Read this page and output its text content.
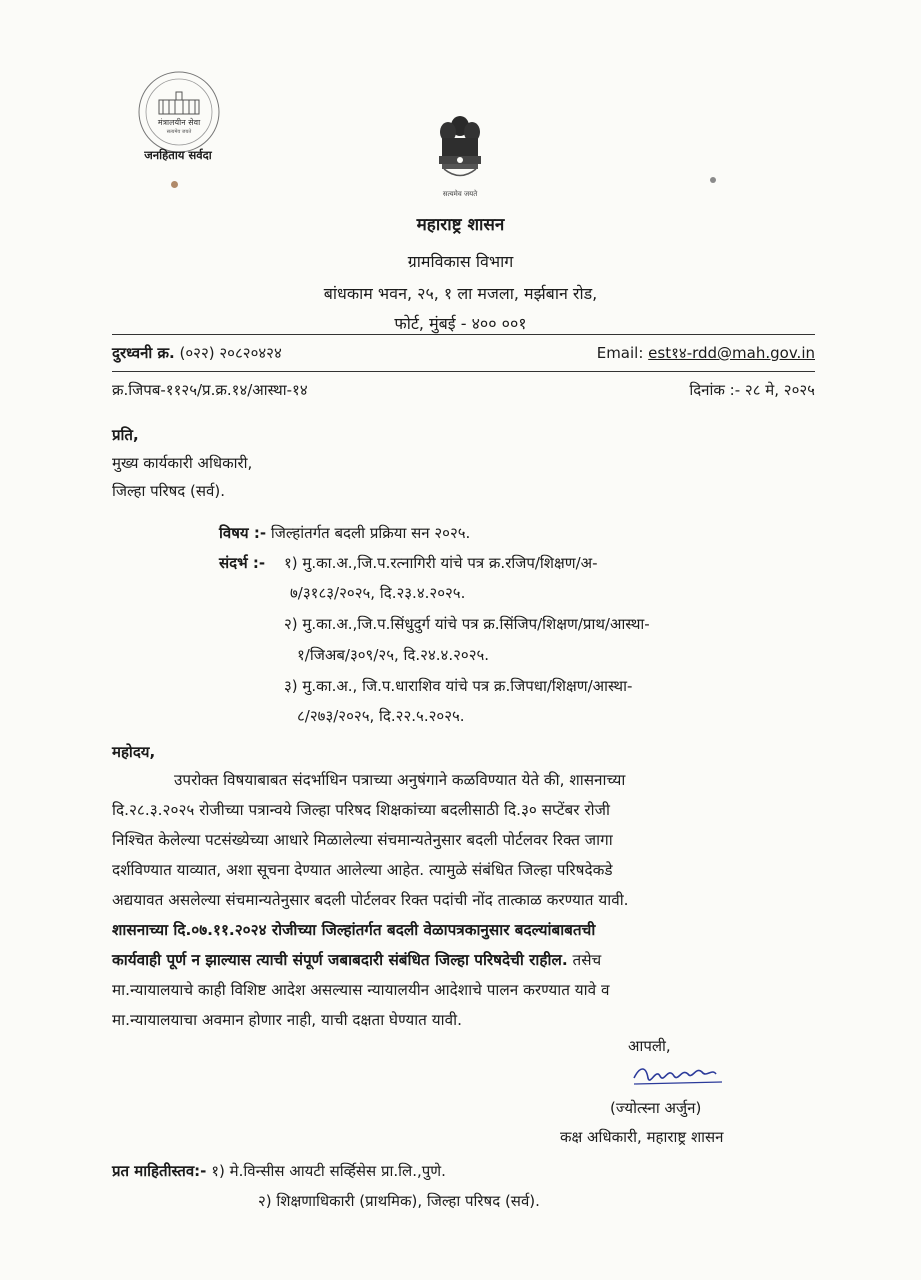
मंत्रालयीन सेवा
सत्यमेव जयते
जनहिताय सर्वदा
सत्यमेव जयते
महाराष्ट्र शासन
ग्रामविकास विभाग
बांधकाम भवन, २५, १ ला मजला, मर्झबान रोड,
फोर्ट, मुंबई - ४०० ००१
दुरध्वनी क्र. (०२२) २०८२०४२४	Email: est१४-rdd@mah.gov.in
क्र.जिपब-११२५/प्र.क्र.१४/आस्था-१४	दिनांक :- २८ मे, २०२५
प्रति,
मुख्य कार्यकारी अधिकारी,
जिल्हा परिषद (सर्व).
विषय :- जिल्हांतर्गत बदली प्रक्रिया सन २०२५.
संदर्भ :- १) मु.का.अ.,जि.प.रत्नागिरी यांचे पत्र क्र.रजिप/शिक्षण/अ-
७/३१८३/२०२५, दि.२३.४.२०२५.
२) मु.का.अ.,जि.प.सिंधुदुर्ग यांचे पत्र क्र.सिंजिप/शिक्षण/प्राथ/आस्था-
१/जिअब/३०९/२५, दि.२४.४.२०२५.
३) मु.का.अ., जि.प.धाराशिव यांचे पत्र क्र.जिपधा/शिक्षण/आस्था-
८/२७३/२०२५, दि.२२.५.२०२५.
महोदय,
उपरोक्त विषयाबाबत संदर्भाधिन पत्राच्या अनुषंगाने कळविण्यात येते की, शासनाच्या
दि.२८.३.२०२५ रोजीच्या पत्रान्वये जिल्हा परिषद शिक्षकांच्या बदलीसाठी दि.३० सप्टेंबर रोजी
निश्चित केलेल्या पटसंख्येच्या आधारे मिळालेल्या संचमान्यतेनुसार बदली पोर्टलवर रिक्त जागा
दर्शविण्यात याव्यात, अशा सूचना देण्यात आलेल्या आहेत. त्यामुळे संबंधित जिल्हा परिषदेकडे
अद्ययावत असलेल्या संचमान्यतेनुसार बदली पोर्टलवर रिक्त पदांची नोंद तात्काळ करण्यात यावी.
शासनाच्या दि.०७.११.२०२४ रोजीच्या जिल्हांतर्गत बदली वेळापत्रकानुसार बदल्यांबाबतची
कार्यवाही पूर्ण न झाल्यास त्याची संपूर्ण जबाबदारी संबंधित जिल्हा परिषदेची राहील. तसेच
मा.न्यायालयाचे काही विशिष्ट आदेश असल्यास न्यायालयीन आदेशाचे पालन करण्यात यावे व
मा.न्यायालयाचा अवमान होणार नाही, याची दक्षता घेण्यात यावी.
आपली,
(ज्योत्स्ना अर्जुन)
कक्ष अधिकारी, महाराष्ट्र शासन
प्रत माहितीस्तव:- १) मे.विन्सीस आयटी सर्व्हिसेस प्रा.लि.,पुणे.
२) शिक्षणाधिकारी (प्राथमिक), जिल्हा परिषद (सर्व).
